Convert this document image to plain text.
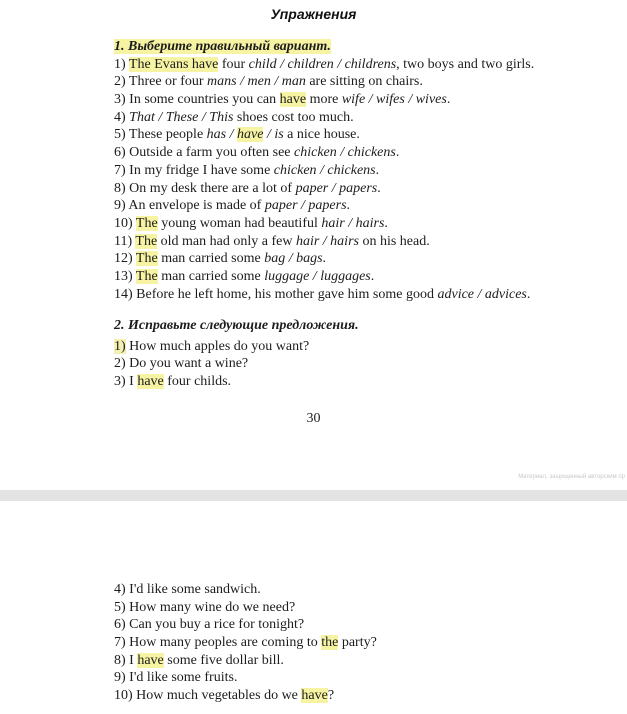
Упражнения
1. Выберите правильный вариант.
1) The Evans have four child / children / childrens, two boys and two girls.
2) Three or four mans / men / man are sitting on chairs.
3) In some countries you can have more wife / wifes / wives.
4) That / These / This shoes cost too much.
5) These people has / have / is a nice house.
6) Outside a farm you often see chicken / chickens.
7) In my fridge I have some chicken / chickens.
8) On my desk there are a lot of paper / papers.
9) An envelope is made of paper / papers.
10) The young woman had beautiful hair / hairs.
11) The old man had only a few hair / hairs on his head.
12) The man carried some bag / bags.
13) The man carried some luggage / luggages.
14) Before he left home, his mother gave him some good advice / advices.
2. Исправьте следующие предложения.
1) How much apples do you want?
2) Do you want a wine?
3) I have four childs.
30
Материал, защищенный авторским пр
4) I'd like some sandwich.
5) How many wine do we need?
6) Can you buy a rice for tonight?
7) How many peoples are coming to the party?
8) I have some five dollar bill.
9) I'd like some fruits.
10) How much vegetables do we have?
